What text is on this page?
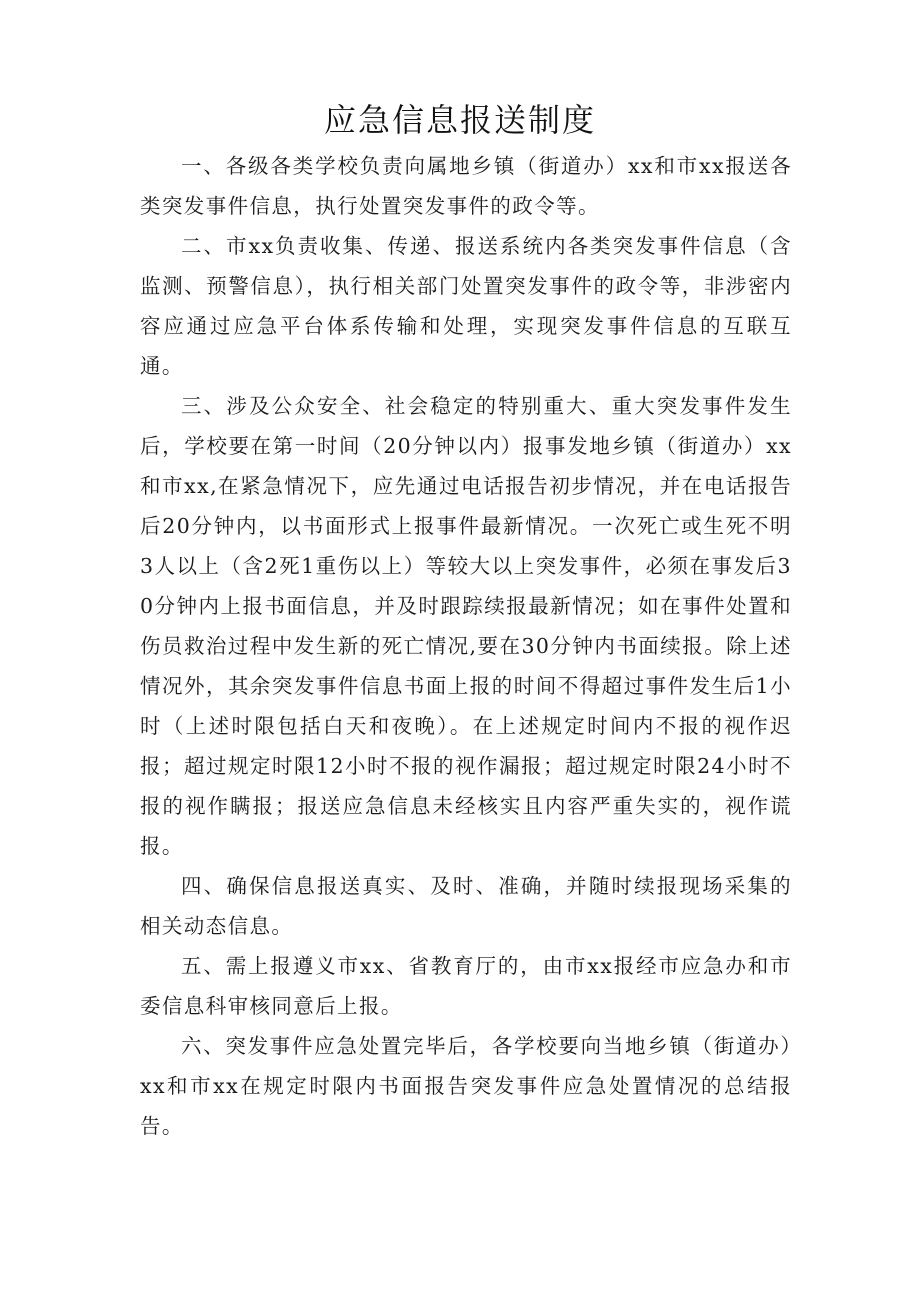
应急信息报送制度

一、各级各类学校负责向属地乡镇（街道办）xx和市xx报送各类突发事件信息，执行处置突发事件的政令等。

二、市xx负责收集、传递、报送系统内各类突发事件信息（含监测、预警信息），执行相关部门处置突发事件的政令等，非涉密内容应通过应急平台体系传输和处理，实现突发事件信息的互联互通。

三、涉及公众安全、社会稳定的特别重大、重大突发事件发生后，学校要在第一时间（20分钟以内）报事发地乡镇（街道办）xx和市xx,在紧急情况下，应先通过电话报告初步情况，并在电话报告后20分钟内，以书面形式上报事件最新情况。一次死亡或生死不明3人以上（含2死1重伤以上）等较大以上突发事件，必须在事发后30分钟内上报书面信息，并及时跟踪续报最新情况；如在事件处置和伤员救治过程中发生新的死亡情况,要在30分钟内书面续报。除上述情况外，其余突发事件信息书面上报的时间不得超过事件发生后1小时（上述时限包括白天和夜晚）。在上述规定时间内不报的视作迟报；超过规定时限12小时不报的视作漏报；超过规定时限24小时不报的视作瞒报；报送应急信息未经核实且内容严重失实的，视作谎报。

四、确保信息报送真实、及时、准确，并随时续报现场采集的相关动态信息。

五、需上报遵义市xx、省教育厅的，由市xx报经市应急办和市委信息科审核同意后上报。

六、突发事件应急处置完毕后，各学校要向当地乡镇（街道办）xx和市xx在规定时限内书面报告突发事件应急处置情况的总结报告。
